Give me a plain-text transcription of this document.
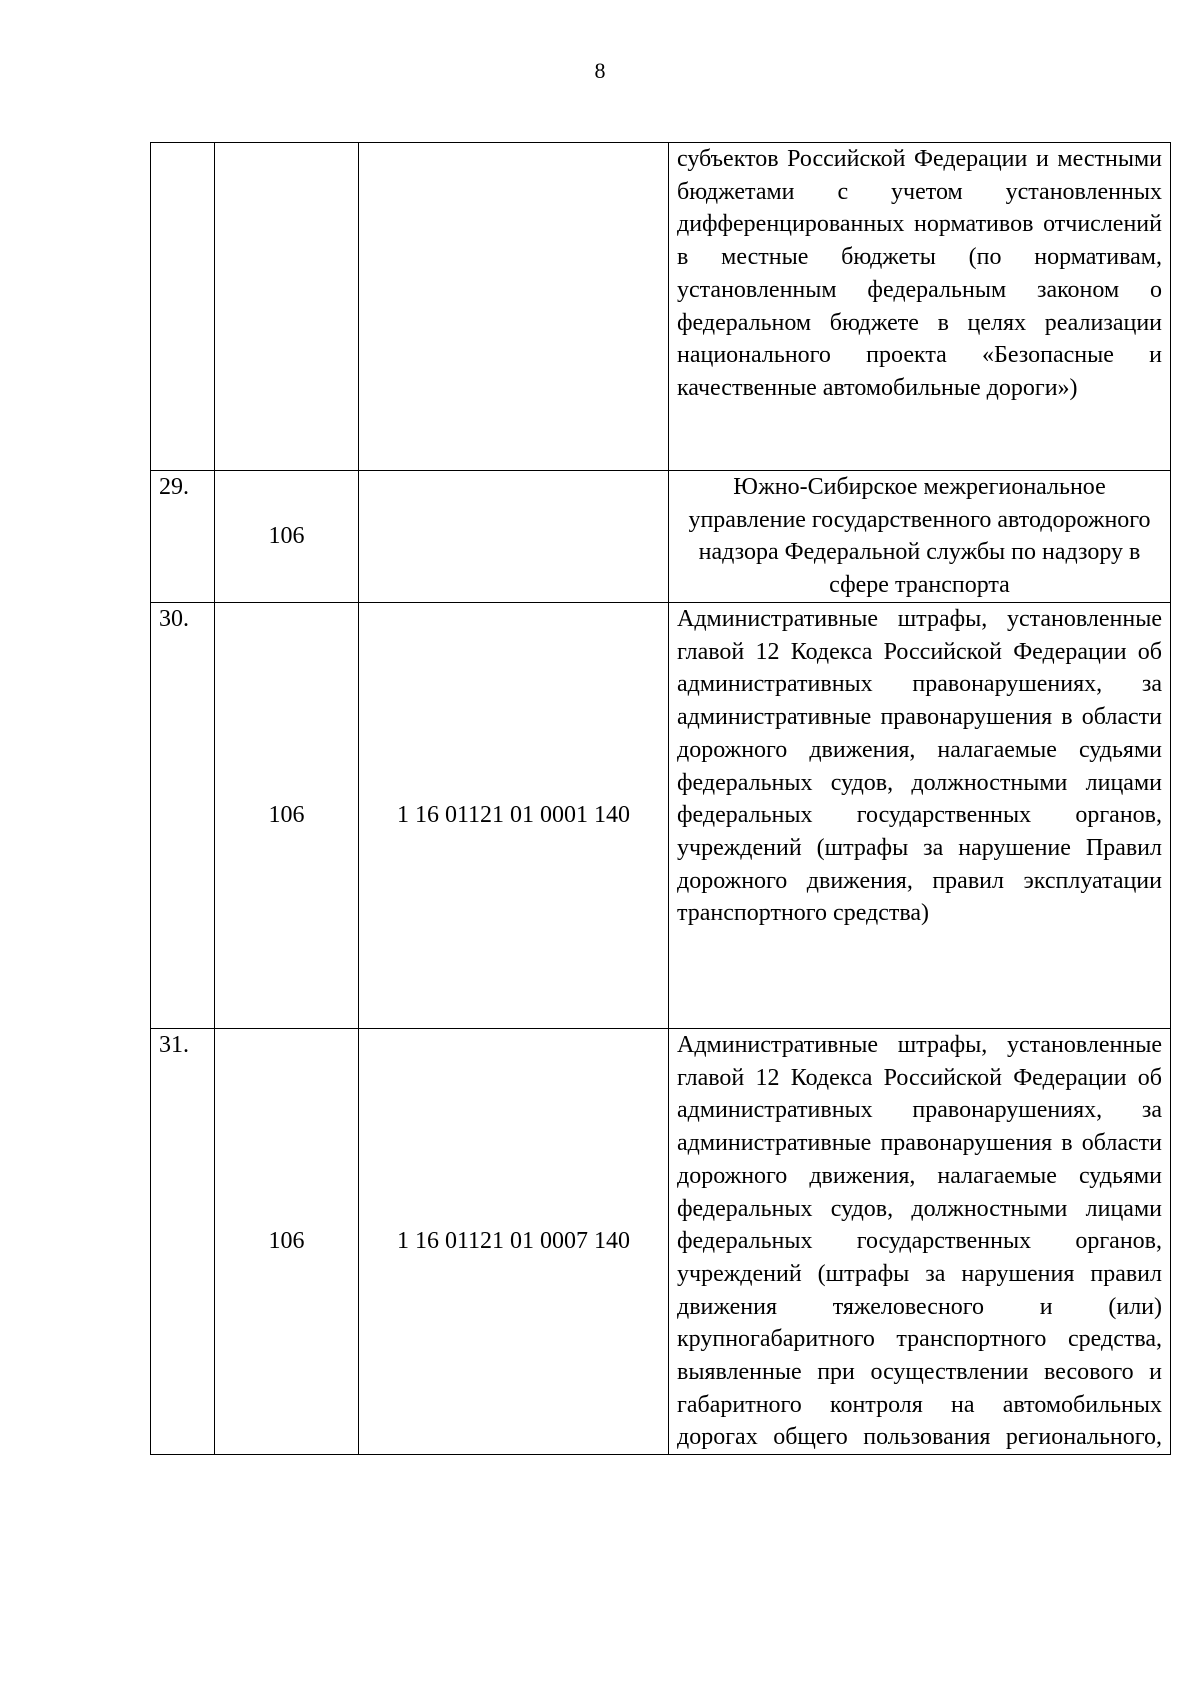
8
			субъектов Российской Федерации и местными бюджетами с учетом установленных дифференцированных нормативов отчислений в местные бюджеты (по нормативам, установленным федеральным законом о федеральном бюджете в целях реализации национального проекта «Безопасные и качественные автомобильные дороги»)
29.	106		Южно-Сибирское межрегиональное управление государственного автодорожного надзора Федеральной службы по надзору в сфере транспорта
30.	106	1 16 01121 01 0001 140	Административные штрафы, установленные главой 12 Кодекса Российской Федерации об административных правонарушениях, за административные правонарушения в области дорожного движения, налагаемые судьями федеральных судов, должностными лицами федеральных государственных органов, учреждений (штрафы за нарушение Правил дорожного движения, правил эксплуатации транспортного средства)
31.	106	1 16 01121 01 0007 140	Административные штрафы, установленные главой 12 Кодекса Российской Федерации об административных правонарушениях, за административные правонарушения в области дорожного движения, налагаемые судьями федеральных судов, должностными лицами федеральных государственных органов, учреждений (штрафы за нарушения правил движения тяжеловесного и (или) крупногабаритного транспортного средства, выявленные при осуществлении весового и габаритного контроля на автомобильных дорогах общего пользования регионального,
